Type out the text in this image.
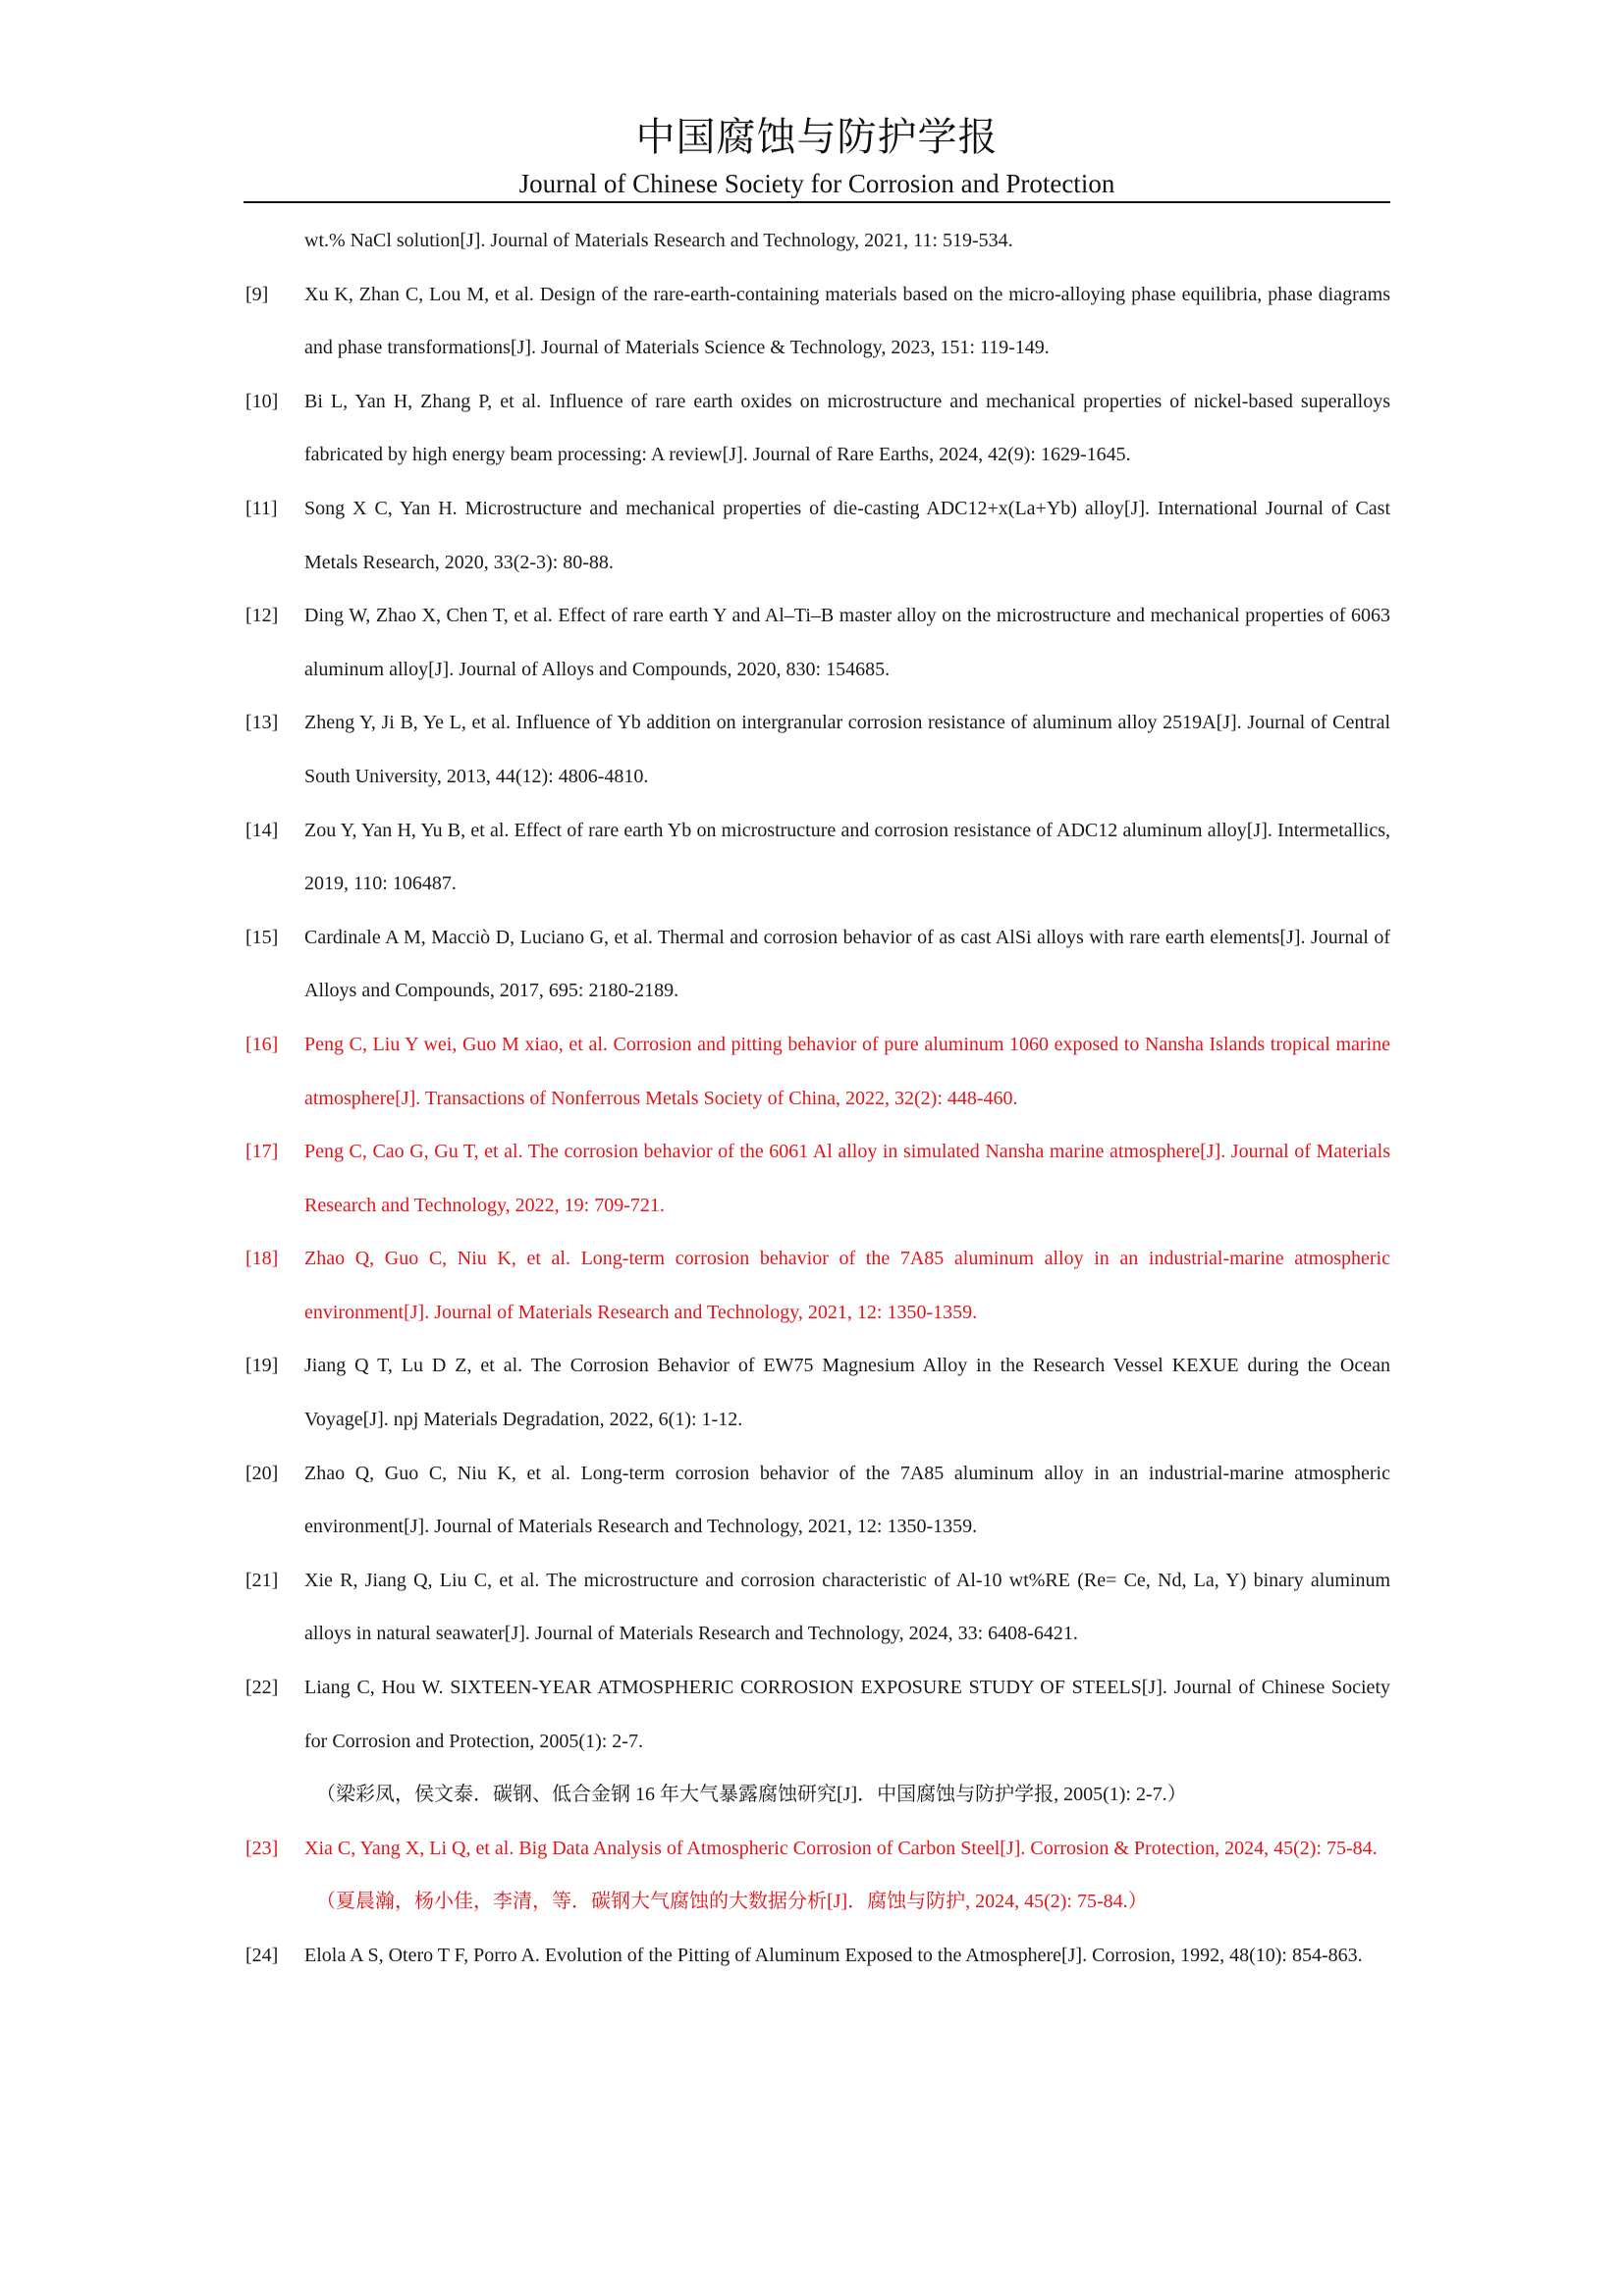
中国腐蚀与防护学报
Journal of Chinese Society for Corrosion and Protection
wt.% NaCl solution[J]. Journal of Materials Research and Technology, 2021, 11: 519-534.
[9] Xu K, Zhan C, Lou M, et al. Design of the rare-earth-containing materials based on the micro-alloying phase equilibria, phase diagrams and phase transformations[J]. Journal of Materials Science & Technology, 2023, 151: 119-149.
[10] Bi L, Yan H, Zhang P, et al. Influence of rare earth oxides on microstructure and mechanical properties of nickel-based superalloys fabricated by high energy beam processing: A review[J]. Journal of Rare Earths, 2024, 42(9): 1629-1645.
[11] Song X C, Yan H. Microstructure and mechanical properties of die-casting ADC12+x(La+Yb) alloy[J]. International Journal of Cast Metals Research, 2020, 33(2-3): 80-88.
[12] Ding W, Zhao X, Chen T, et al. Effect of rare earth Y and Al–Ti–B master alloy on the microstructure and mechanical properties of 6063 aluminum alloy[J]. Journal of Alloys and Compounds, 2020, 830: 154685.
[13] Zheng Y, Ji B, Ye L, et al. Influence of Yb addition on intergranular corrosion resistance of aluminum alloy 2519A[J]. Journal of Central South University, 2013, 44(12): 4806-4810.
[14] Zou Y, Yan H, Yu B, et al. Effect of rare earth Yb on microstructure and corrosion resistance of ADC12 aluminum alloy[J]. Intermetallics, 2019, 110: 106487.
[15] Cardinale A M, Macciò D, Luciano G, et al. Thermal and corrosion behavior of as cast AlSi alloys with rare earth elements[J]. Journal of Alloys and Compounds, 2017, 695: 2180-2189.
[16] Peng C, Liu Y wei, Guo M xiao, et al. Corrosion and pitting behavior of pure aluminum 1060 exposed to Nansha Islands tropical marine atmosphere[J]. Transactions of Nonferrous Metals Society of China, 2022, 32(2): 448-460.
[17] Peng C, Cao G, Gu T, et al. The corrosion behavior of the 6061 Al alloy in simulated Nansha marine atmosphere[J]. Journal of Materials Research and Technology, 2022, 19: 709-721.
[18] Zhao Q, Guo C, Niu K, et al. Long-term corrosion behavior of the 7A85 aluminum alloy in an industrial-marine atmospheric environment[J]. Journal of Materials Research and Technology, 2021, 12: 1350-1359.
[19] Jiang Q T, Lu D Z, et al. The Corrosion Behavior of EW75 Magnesium Alloy in the Research Vessel KEXUE during the Ocean Voyage[J]. npj Materials Degradation, 2022, 6(1): 1-12.
[20] Zhao Q, Guo C, Niu K, et al. Long-term corrosion behavior of the 7A85 aluminum alloy in an industrial-marine atmospheric environment[J]. Journal of Materials Research and Technology, 2021, 12: 1350-1359.
[21] Xie R, Jiang Q, Liu C, et al. The microstructure and corrosion characteristic of Al-10 wt%RE (Re= Ce, Nd, La, Y) binary aluminum alloys in natural seawater[J]. Journal of Materials Research and Technology, 2024, 33: 6408-6421.
[22] Liang C, Hou W. SIXTEEN-YEAR ATMOSPHERIC CORROSION EXPOSURE STUDY OF STEELS[J]. Journal of Chinese Society for Corrosion and Protection, 2005(1): 2-7.
（梁彩凤，侯文泰．碳钢、低合金钢 16 年大气暴露腐蚀研究[J]．中国腐蚀与防护学报, 2005(1): 2-7.）
[23] Xia C, Yang X, Li Q, et al. Big Data Analysis of Atmospheric Corrosion of Carbon Steel[J]. Corrosion & Protection, 2024, 45(2): 75-84.
（夏晨瀚，杨小佳，李清，等．碳钢大气腐蚀的大数据分析[J]．腐蚀与防护, 2024, 45(2): 75-84.）
[24] Elola A S, Otero T F, Porro A. Evolution of the Pitting of Aluminum Exposed to the Atmosphere[J]. Corrosion, 1992, 48(10): 854-863.
